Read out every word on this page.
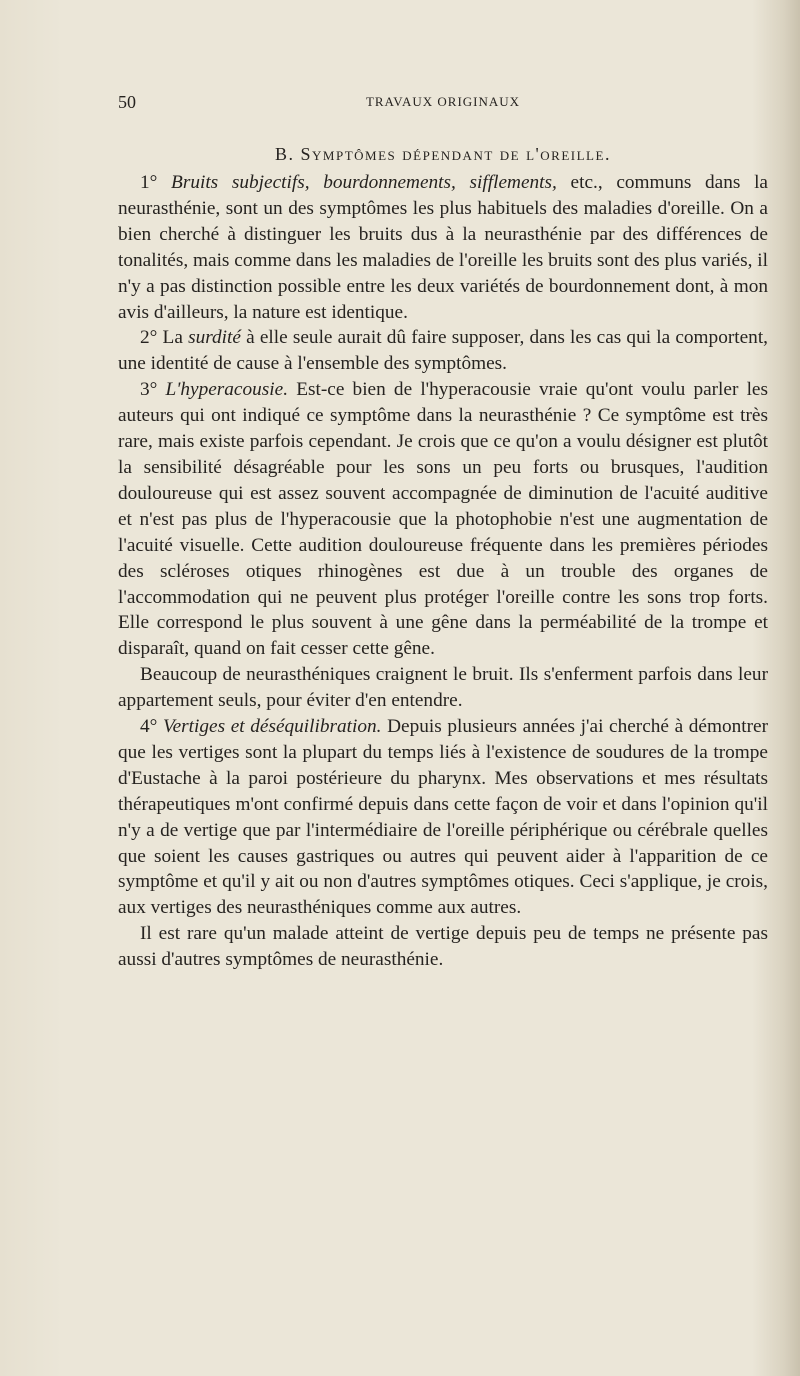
50	TRAVAUX ORIGINAUX
B. Symptômes dépendant de l'oreille.

1° Bruits subjectifs, bourdonnements, sifflements, etc., communs dans la neurasthénie, sont un des symptômes les plus habituels des maladies d'oreille. On a bien cherché à distinguer les bruits dus à la neurasthénie par des différences de tonalités, mais comme dans les maladies de l'oreille les bruits sont des plus variés, il n'y a pas distinction possible entre les deux variétés de bourdonnement dont, à mon avis d'ailleurs, la nature est identique.

2° La surdité à elle seule aurait dû faire supposer, dans les cas qui la comportent, une identité de cause à l'ensemble des symptômes.

3° L'hyperacousie. Est-ce bien de l'hyperacousie vraie qu'ont voulu parler les auteurs qui ont indiqué ce symptôme dans la neurasthénie ? Ce symptôme est très rare, mais existe parfois cependant. Je crois que ce qu'on a voulu désigner est plutôt la sensibilité désagréable pour les sons un peu forts ou brusques, l'audition douloureuse qui est assez souvent accompagnée de diminution de l'acuité auditive et n'est pas plus de l'hyperacousie que la photophobie n'est une augmentation de l'acuité visuelle. Cette audition douloureuse fréquente dans les premières périodes des scléroses otiques rhinogènes est due à un trouble des organes de l'accommodation qui ne peuvent plus protéger l'oreille contre les sons trop forts. Elle correspond le plus souvent à une gêne dans la perméabilité de la trompe et disparaît, quand on fait cesser cette gêne.

Beaucoup de neurasthéniques craignent le bruit. Ils s'enferment parfois dans leur appartement seuls, pour éviter d'en entendre.

4° Vertiges et déséquilibration. Depuis plusieurs années j'ai cherché à démontrer que les vertiges sont la plupart du temps liés à l'existence de soudures de la trompe d'Eustache à la paroi postérieure du pharynx. Mes observations et mes résultats thérapeutiques m'ont confirmé depuis dans cette façon de voir et dans l'opinion qu'il n'y a de vertige que par l'intermédiaire de l'oreille périphérique ou cérébrale quelles que soient les causes gastriques ou autres qui peuvent aider à l'apparition de ce symptôme et qu'il y ait ou non d'autres symptômes otiques. Ceci s'applique, je crois, aux vertiges des neurasthéniques comme aux autres.

Il est rare qu'un malade atteint de vertige depuis peu de temps ne présente pas aussi d'autres symptômes de neurasthénie.
